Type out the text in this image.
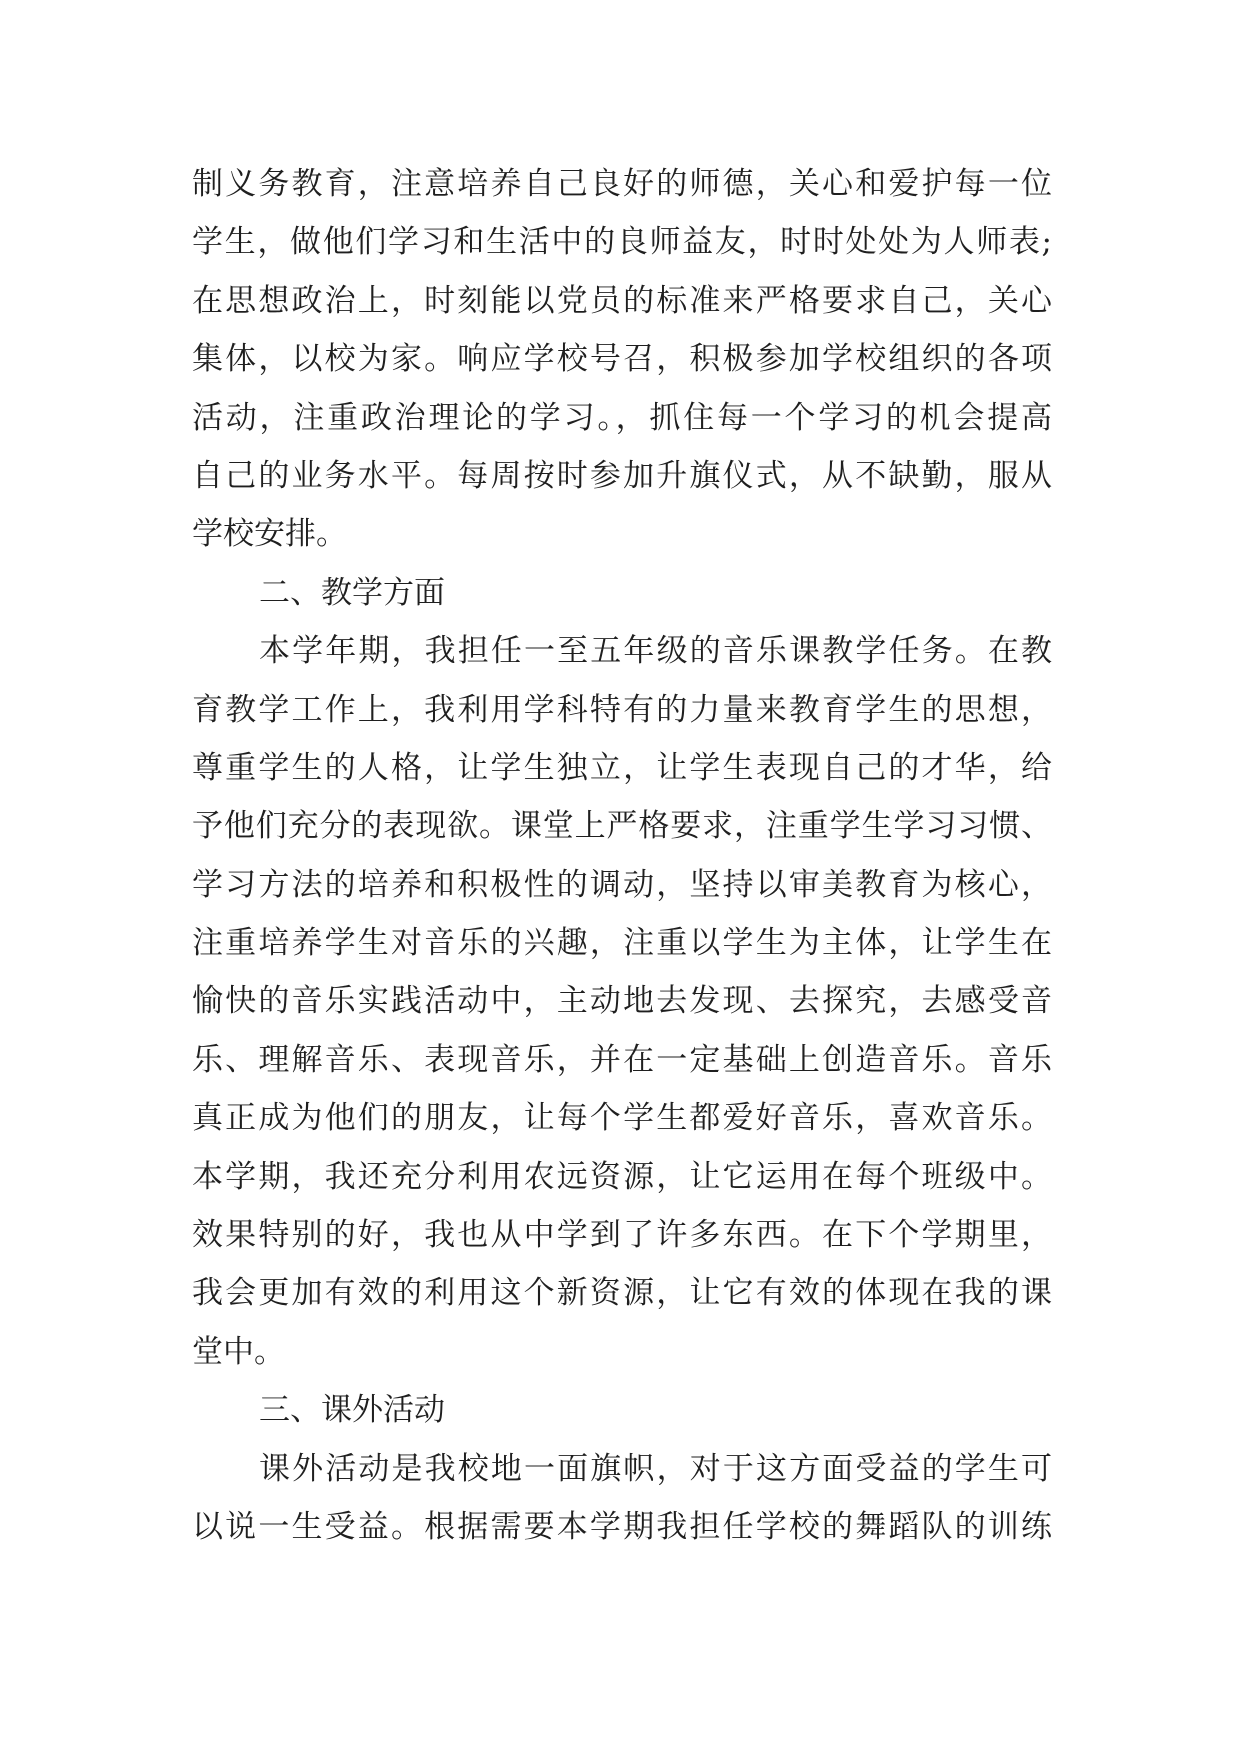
制义务教育，注意培养自己良好的师德，关心和爱护每一位
学生，做他们学习和生活中的良师益友，时时处处为人师表;
在思想政治上，时刻能以党员的标准来严格要求自己，关心
集体，以校为家。响应学校号召，积极参加学校组织的各项
活动，注重政治理论的学习。，抓住每一个学习的机会提高
自己的业务水平。每周按时参加升旗仪式，从不缺勤，服从
学校安排。
二、教学方面
本学年期，我担任一至五年级的音乐课教学任务。在教
育教学工作上，我利用学科特有的力量来教育学生的思想，
尊重学生的人格，让学生独立，让学生表现自己的才华，给
予他们充分的表现欲。课堂上严格要求，注重学生学习习惯、
学习方法的培养和积极性的调动，坚持以审美教育为核心，
注重培养学生对音乐的兴趣，注重以学生为主体，让学生在
愉快的音乐实践活动中，主动地去发现、去探究，去感受音
乐、理解音乐、表现音乐，并在一定基础上创造音乐。音乐
真正成为他们的朋友，让每个学生都爱好音乐，喜欢音乐。
本学期，我还充分利用农远资源，让它运用在每个班级中。
效果特别的好，我也从中学到了许多东西。在下个学期里，
我会更加有效的利用这个新资源，让它有效的体现在我的课
堂中。
三、课外活动
课外活动是我校地一面旗帜，对于这方面受益的学生可
以说一生受益。根据需要本学期我担任学校的舞蹈队的训练
